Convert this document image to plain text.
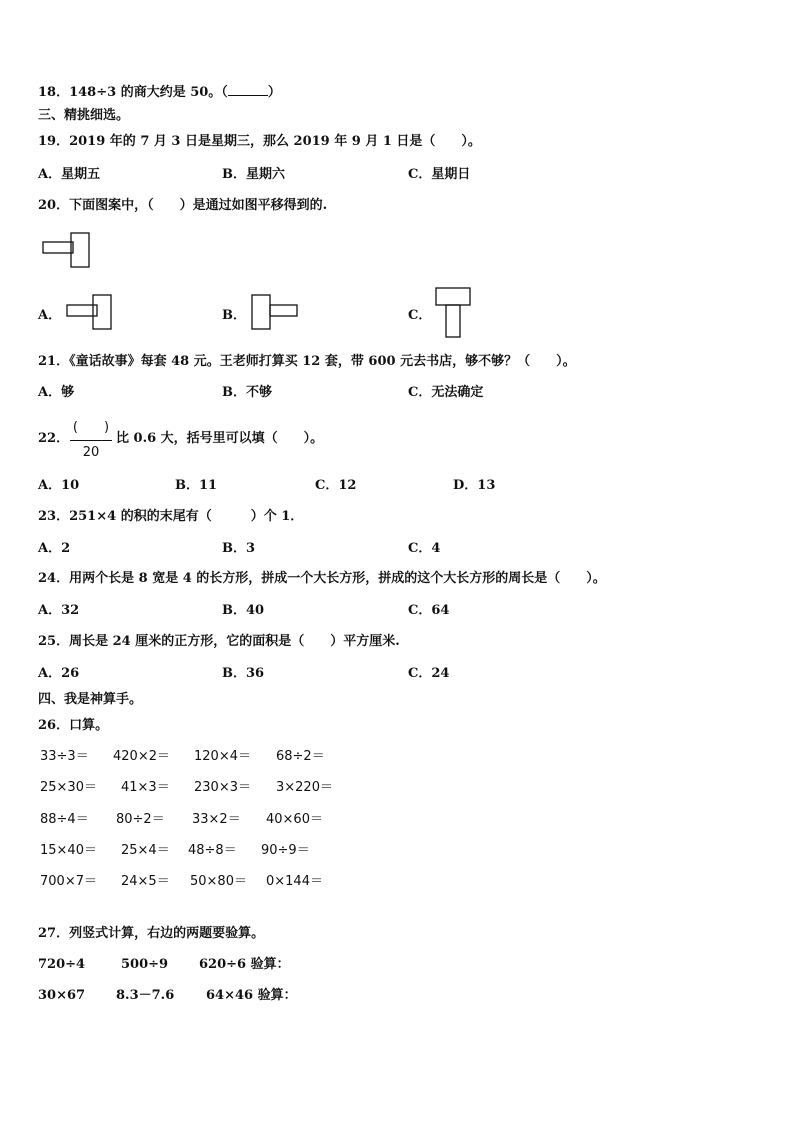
18．148÷3 的商大约是 50。（	）
三、精挑细选。
19．2019 年的 7 月 3 日是星期三，那么 2019 年 9 月 1 日是（　　）。
A．星期五	B．星期六	C．星期日
20．下面图案中，（　　）是通过如图平移得到的.
A．	B．	C．
21．《童话故事》每套 48 元。王老师打算买 12 套，带 600 元去书店，够不够？（　　）。
A．够	B．不够	C．无法确定
22．
(　　)
20
比 0.6 大，括号里可以填（　　）。
A．10	B．11	C．12	D．13
23．251×4 的积的末尾有（　　　）个 1．
A．2	B．3	C．4
24．用两个长是 8 宽是 4 的长方形，拼成一个大长方形，拼成的这个大长方形的周长是（　　）。
A．32	B．40	C．64
25．周长是 24 厘米的正方形，它的面积是（　　）平方厘米.
A．26	B．36	C．24
四、我是神算手。
26．口算。
33÷3＝ 420×2＝ 120×4＝ 68÷2＝
25×30＝ 41×3＝ 230×3＝ 3×220＝
88÷4＝ 80÷2＝ 33×2＝ 40×60＝
15×40＝ 25×4＝ 48÷8＝ 90÷9＝
700×7＝ 24×5＝ 50×80＝ 0×144＝
27．列竖式计算，右边的两题要验算。
720÷4	500÷9 620÷6 验算：
30×67 8.3－7.6 64×46 验算：
